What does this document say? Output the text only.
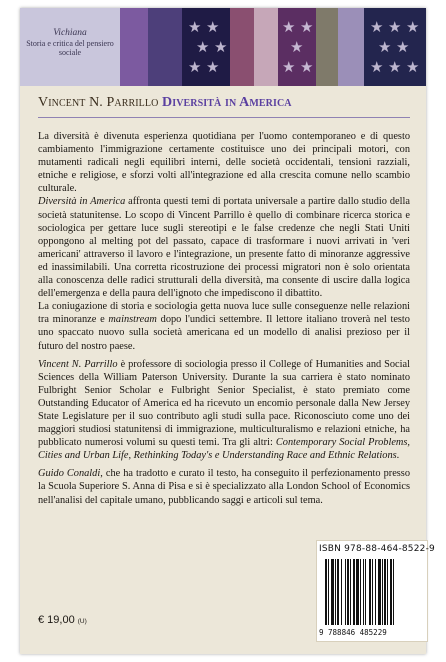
★ ★
★ ★
★ ★
★ ★
★
★ ★
★ ★ ★
★ ★
★ ★ ★
Vichiana
Storia e critica del pensiero sociale
Vincent N. Parrillo Diversità in America

La diversità è divenuta esperienza quotidiana per l'uomo contemporaneo e di questo cambiamento l'immigrazione certamente costituisce uno dei principali motori, con mutamenti radicali negli equilibri interni, delle società occidentali, tensioni razziali, etniche e religiose, e sforzi volti all'integrazione ed alla crescita comune nello scambio culturale.

Diversità in America affronta questi temi di portata universale a partire dallo studio della società statunitense. Lo scopo di Vincent Parrillo è quello di combinare ricerca storica e sociologica per gettare luce sugli stereotipi e le false credenze che negli Stati Uniti oppongono al melting pot del passato, capace di trasformare i nuovi arrivati in 'veri americani' attraverso il lavoro e l'integrazione, un presente fatto di minoranze aggressive ed inassimilabili. Una corretta ricostruzione dei processi migratori non è solo orientata alla conoscenza delle radici strutturali della diversità, ma consente di uscire dalla logica dell'emergenza e della paura dell'ignoto che impediscono il dibattito.

La coniugazione di storia e sociologia getta nuova luce sulle conseguenze nelle relazioni tra minoranze e mainstream dopo l'undici settembre. Il lettore italiano troverà nel testo uno spaccato nuovo sulla società americana ed un modello di analisi prezioso per il futuro del nostro paese.

Vincent N. Parrillo è professore di sociologia presso il College of Humanities and Social Sciences della William Paterson University. Durante la sua carriera è stato nominato Fulbright Senior Scholar e Fulbright Senior Specialist, è stato premiato come Outstanding Educator of America ed ha ricevuto un encomio personale dalla New Jersey State Legislature per il suo contributo agli studi sulla pace. Riconosciuto come uno dei maggiori studiosi statunitensi di immigrazione, multiculturalismo e relazioni etniche, ha pubblicato numerosi volumi su questi temi. Tra gli altri: Contemporary Social Problems, Cities and Urban Life, Rethinking Today's e Understanding Race and Ethnic Relations.

Guido Conaldi, che ha tradotto e curato il testo, ha conseguito il perfezionamento presso la Scuola Superiore S. Anna di Pisa e si è specializzato alla London School of Economics nell'analisi del capitale umano, pubblicando saggi e articoli sul tema.

ISBN 978-88-464-8522-9
9 788846 485229
€ 19,00 (U)
